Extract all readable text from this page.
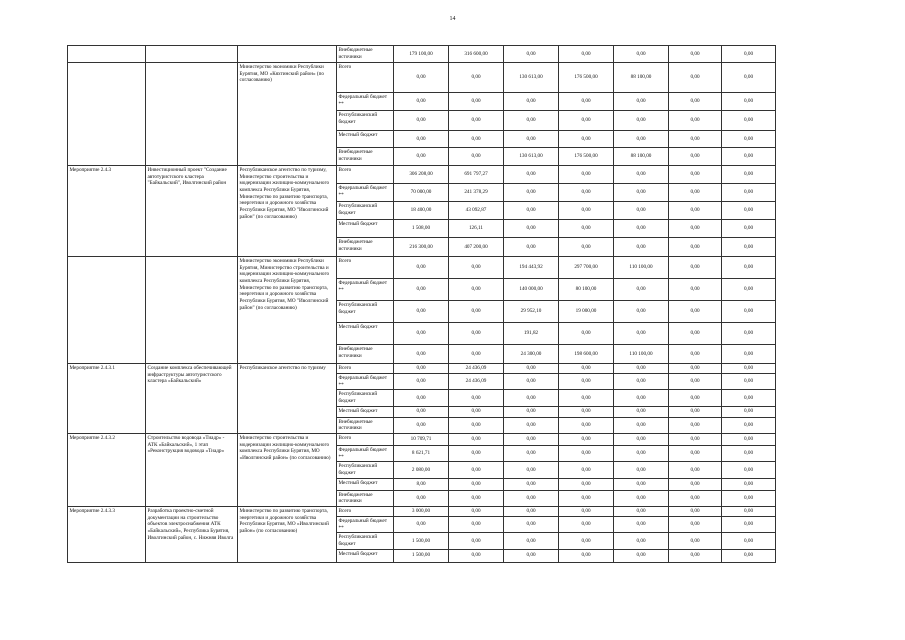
14
			Внебюджетные источники	179 100,00	316 600,00	0,00	0,00	0,00	0,00	0,00	
		Министерство экономики Республики Бурятия, МО «Кяхтинский район» (по согласованию)	Всего	0,00	0,00	130 613,00	176 500,00	88 100,00	0,00	0,00	
			Федеральный бюджет **	0,00	0,00	0,00	0,00	0,00	0,00	0,00	
			Республиканский бюджет	0,00	0,00	0,00	0,00	0,00	0,00	0,00	
			Местный бюджет	0,00	0,00	0,00	0,00	0,00	0,00	0,00	
			Внебюджетные источники	0,00	0,00	130 613,00	176 500,00	88 100,00	0,00	0,00	
Мероприятие 2.4.3	Инвестиционный проект "Создание автотуристского кластера "Байкальский", Иволгинский район	Республиканское агентство по туризму, Министерство строительства и модернизации жилищно-коммунального комплекса Республики Бурятия, Министерство по развитию транспорта, энергетики и дорожного хозяйства Республики Бурятия, МО "Иволгинский район" (по согласованию)	Всего	306 208,00	691 797,27	0,00	0,00	0,00	0,00	0,00	
			Федеральный бюджет **	70 000,00	241 378,29	0,00	0,00	0,00	0,00	0,00	
			Республиканский бюджет	18 400,00	43 092,87	0,00	0,00	0,00	0,00	0,00	
			Местный бюджет	1 508,00	126,11	0,00	0,00	0,00	0,00	0,00	
			Внебюджетные источники	216 300,00	407 200,00	0,00	0,00	0,00	0,00	0,00	
		Министерство экономики Республики Бурятия, Министерство строительства и модернизации жилищно-коммунального комплекса Республики Бурятия, Министерство по развитию транспорта, энергетики и дорожного хозяйства Республики Бурятия, МО "Иволгинский район" (по согласованию)	Всего	0,00	0,00	194 443,92	297 700,00	110 100,00	0,00	0,00	
			Федеральный бюджет **	0,00	0,00	140 000,00	80 100,00	0,00	0,00	0,00	
			Республиканский бюджет	0,00	0,00	29 952,10	19 000,00	0,00	0,00	0,00	
			Местный бюджет	0,00	0,00	191,82	0,00	0,00	0,00	0,00	
			Внебюджетные источники	0,00	0,00	24 300,00	198 600,00	110 100,00	0,00	0,00	
Мероприятие 2.4.3.1	Создание комплекса обеспечивающей инфраструктуры автотуристского кластера «Байкальский»	Республиканское агентство по туризму	Всего	0,00	24 436,09	0,00	0,00	0,00	0,00	0,00	
			Федеральный бюджет **	0,00	24 436,09	0,00	0,00	0,00	0,00	0,00	
			Республиканский бюджет	0,00	0,00	0,00	0,00	0,00	0,00	0,00	
			Местный бюджет	0,00	0,00	0,00	0,00	0,00	0,00	0,00	
			Внебюджетные источники	0,00	0,00	0,00	0,00	0,00	0,00	0,00	
Мероприятие 2.4.3.2	Строительство водовода «Тиадр» - АТК «Байкальский», 1 этап «Реконструкция водовода «Тиадр»	Министерство строительства и модернизации жилищно-коммунального комплекса Республики Бурятия, МО «Иволгинский район» (по согласованию)	Всего	10 709,71	0,00	0,00	0,00	0,00	0,00	0,00	
			Федеральный бюджет **	8 621,71	0,00	0,00	0,00	0,00	0,00	0,00	
			Республиканский бюджет	2 080,00	0,00	0,00	0,00	0,00	0,00	0,00	
			Местный бюджет	8,00	0,00	0,00	0,00	0,00	0,00	0,00	
			Внебюджетные источники	0,00	0,00	0,00	0,00	0,00	0,00	0,00	
Мероприятие 2.4.3.3	Разработка проектно-сметной документации на строительство объектов электроснабжения АТК «Байкальский», Республика Бурятия, Иволгинский район, с. Нижняя Иволга	Министерство по развитию транспорта, энергетики и дорожного хозяйства Республики Бурятия, МО «Иволгинский район» (по согласованию)	Всего	3 000,00	0,00	0,00	0,00	0,00	0,00	0,00	
			Федеральный бюджет **	0,00	0,00	0,00	0,00	0,00	0,00	0,00	
			Республиканский бюджет	1 500,00	0,00	0,00	0,00	0,00	0,00	0,00	
			Местный бюджет	1 500,00	0,00	0,00	0,00	0,00	0,00	0,00	
